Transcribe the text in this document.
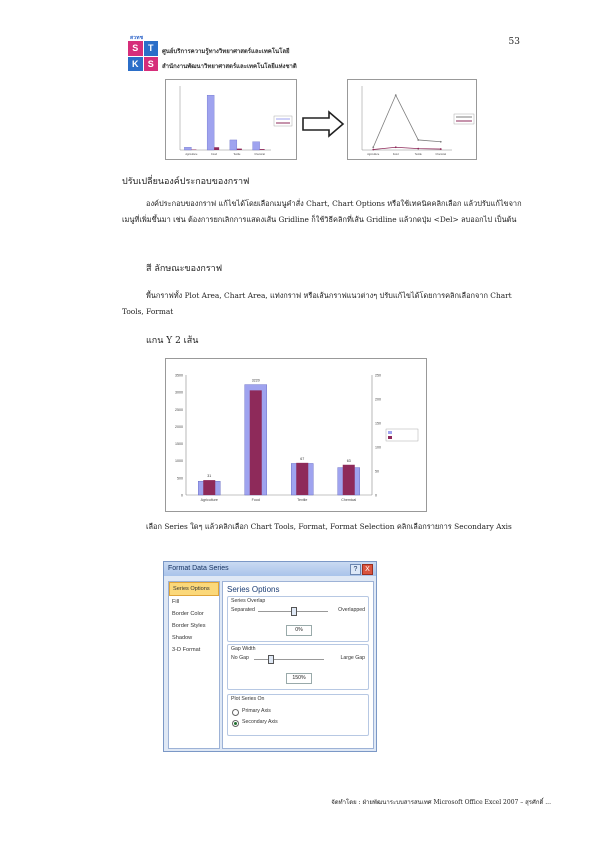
53
สวทช
S	T
K	S
ศูนย์บริการความรู้ทางวิทยาศาสตร์และเทคโนโลยี
สำนักงานพัฒนาวิทยาศาสตร์และเทคโนโลยีแห่งชาติ
Agriculture	Food	Textile	Chemical	Agriculture	Food	Textile	Chemical
ปรับเปลี่ยนองค์ประกอบของกราฟ
องค์ประกอบของกราฟ แก้ไขได้โดยเลือกเมนูคำสั่ง Chart, Chart Options หรือใช้เทคนิคคลิกเลือก แล้วปรับแก้ไขจากเมนูที่เพิ่มขึ้นมา เช่น ต้องการยกเลิกการแสดงเส้น Gridline ก็ใช้วิธีคลิกที่เส้น Gridline แล้วกดปุ่ม <Del> ลบออกไป เป็นต้น
สี ลักษณะของกราฟ
พื้นกราฟทั้ง Plot Area, Chart Area, แท่งกราฟ หรือเส้นกราฟแนวต่างๆ ปรับแก้ไขได้โดยการคลิกเลือกจาก Chart Tools, Format
แกน Y 2 เส้น
3500
3000
2500
2000
1500
1000
500
0
250
200
150
100
50
0
31
Agriculture
3220
Food
67
Textile
63
Chemical
เลือก Series ใดๆ แล้วคลิกเลือก Chart Tools, Format, Format Selection คลิกเลือกรายการ Secondary Axis
Format Data Series	?	X
Series Options
Fill
Border Color
Border Styles
Shadow
3-D Format
Series Options
Series Overlap
Separated	Overlapped
0%
Gap Width
No Gap	Large Gap
150%
Plot Series On
Primary Axis
Secondary Axis
จัดทำโดย : ฝ่ายพัฒนาระบบสารสนเทศ Microsoft Office Excel 2007 – สุรศักดิ์ ...
